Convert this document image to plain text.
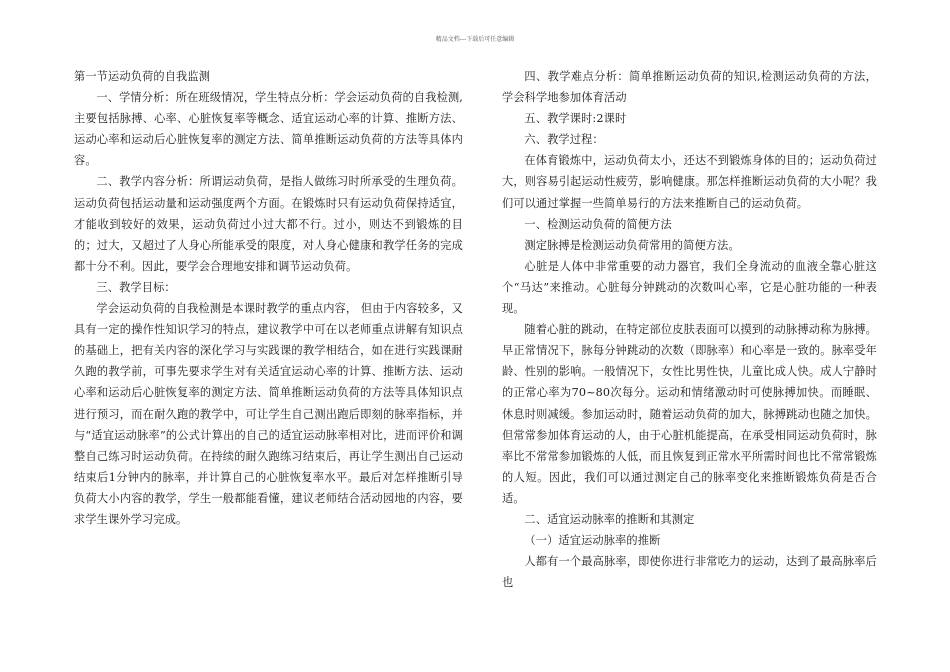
精品文档---下载后可任意编辑

第一节运动负荷的自我监测

一、学情分析：所在班级情况，学生特点分析：学会运动负荷的自我检测,主要包括脉搏、心率、心脏恢复率等概念、适宜运动心率的计算、推断方法、运动心率和运动后心脏恢复率的测定方法、简单推断运动负荷的方法等具体内容。

二、教学内容分析：所谓运动负荷，是指人做练习时所承受的生理负荷。运动负荷包括运动量和运动强度两个方面。在锻炼时只有运动负荷保持适宜，才能收到较好的效果，运动负荷过小过大都不行。过小，则达不到锻炼的目的；过大，又超过了人身心所能承受的限度，对人身心健康和教学任务的完成都十分不利。因此，要学会合理地安排和调节运动负荷。

三、教学目标：

学会运动负荷的自我检测是本课时教学的重点内容， 但由于内容较多，又具有一定的操作性知识学习的特点，建议教学中可在以老师重点讲解有知识点的基础上，把有关内容的深化学习与实践课的教学相结合，如在进行实践课耐久跑的教学前，可事先要求学生对有关适宜运动心率的计算、推断方法、运动心率和运动后心脏恢复率的测定方法、简单推断运动负荷的方法等具体知识点进行预习，而在耐久跑的教学中，可让学生自己测出跑后即刻的脉率指标，并与“适宜运动脉率”的公式计算出的自己的适宜运动脉率相对比，进而评价和调整自己练习时运动负荷。在持续的耐久跑练习结束后，再让学生测出自己运动结束后1分钟内的脉率，并计算自己的心脏恢复率水平。最后对怎样推断引导负荷大小内容的教学，学生一般都能看懂，建议老师结合活动园地的内容，要求学生课外学习完成。

四、教学难点分析：简单推断运动负荷的知识,检测运动负荷的方法，学会科学地参加体育活动

五、教学课时:2课时

六、教学过程：

在体育锻炼中，运动负荷太小，还达不到锻炼身体的目的；运动负荷过大，则容易引起运动性疲劳，影响健康。那怎样推断运动负荷的大小呢？我们可以通过掌握一些简单易行的方法来推断自己的运动负荷。

一、检测运动负荷的简便方法

测定脉搏是检测运动负荷常用的简便方法。

心脏是人体中非常重要的动力器官，我们全身流动的血液全靠心脏这个“马达”来推动。心脏每分钟跳动的次数叫心率，它是心脏功能的一种表现。

随着心脏的跳动，在特定部位皮肤表面可以摸到的动脉搏动称为脉搏。早正常情况下，脉每分钟跳动的次数（即脉率）和心率是一致的。脉率受年龄、性别的影响。一般情况下，女性比男性快，儿童比成人快。成人宁静时的正常心率为70~80次每分。运动和情绪激动时可使脉搏加快。而睡眠、休息时则减缓。参加运动时，随着运动负荷的加大，脉搏跳动也随之加快。但常常参加体育运动的人，由于心脏机能提高，在承受相同运动负荷时，脉率比不常常参加锻炼的人低，而且恢复到正常水平所需时间也比不常常锻炼的人短。因此，我们可以通过测定自己的脉率变化来推断锻炼负荷是否合适。

二、适宜运动脉率的推断和其测定

（一）适宜运动脉率的推断

人都有一个最高脉率，即使你进行非常吃力的运动，达到了最高脉率后也
